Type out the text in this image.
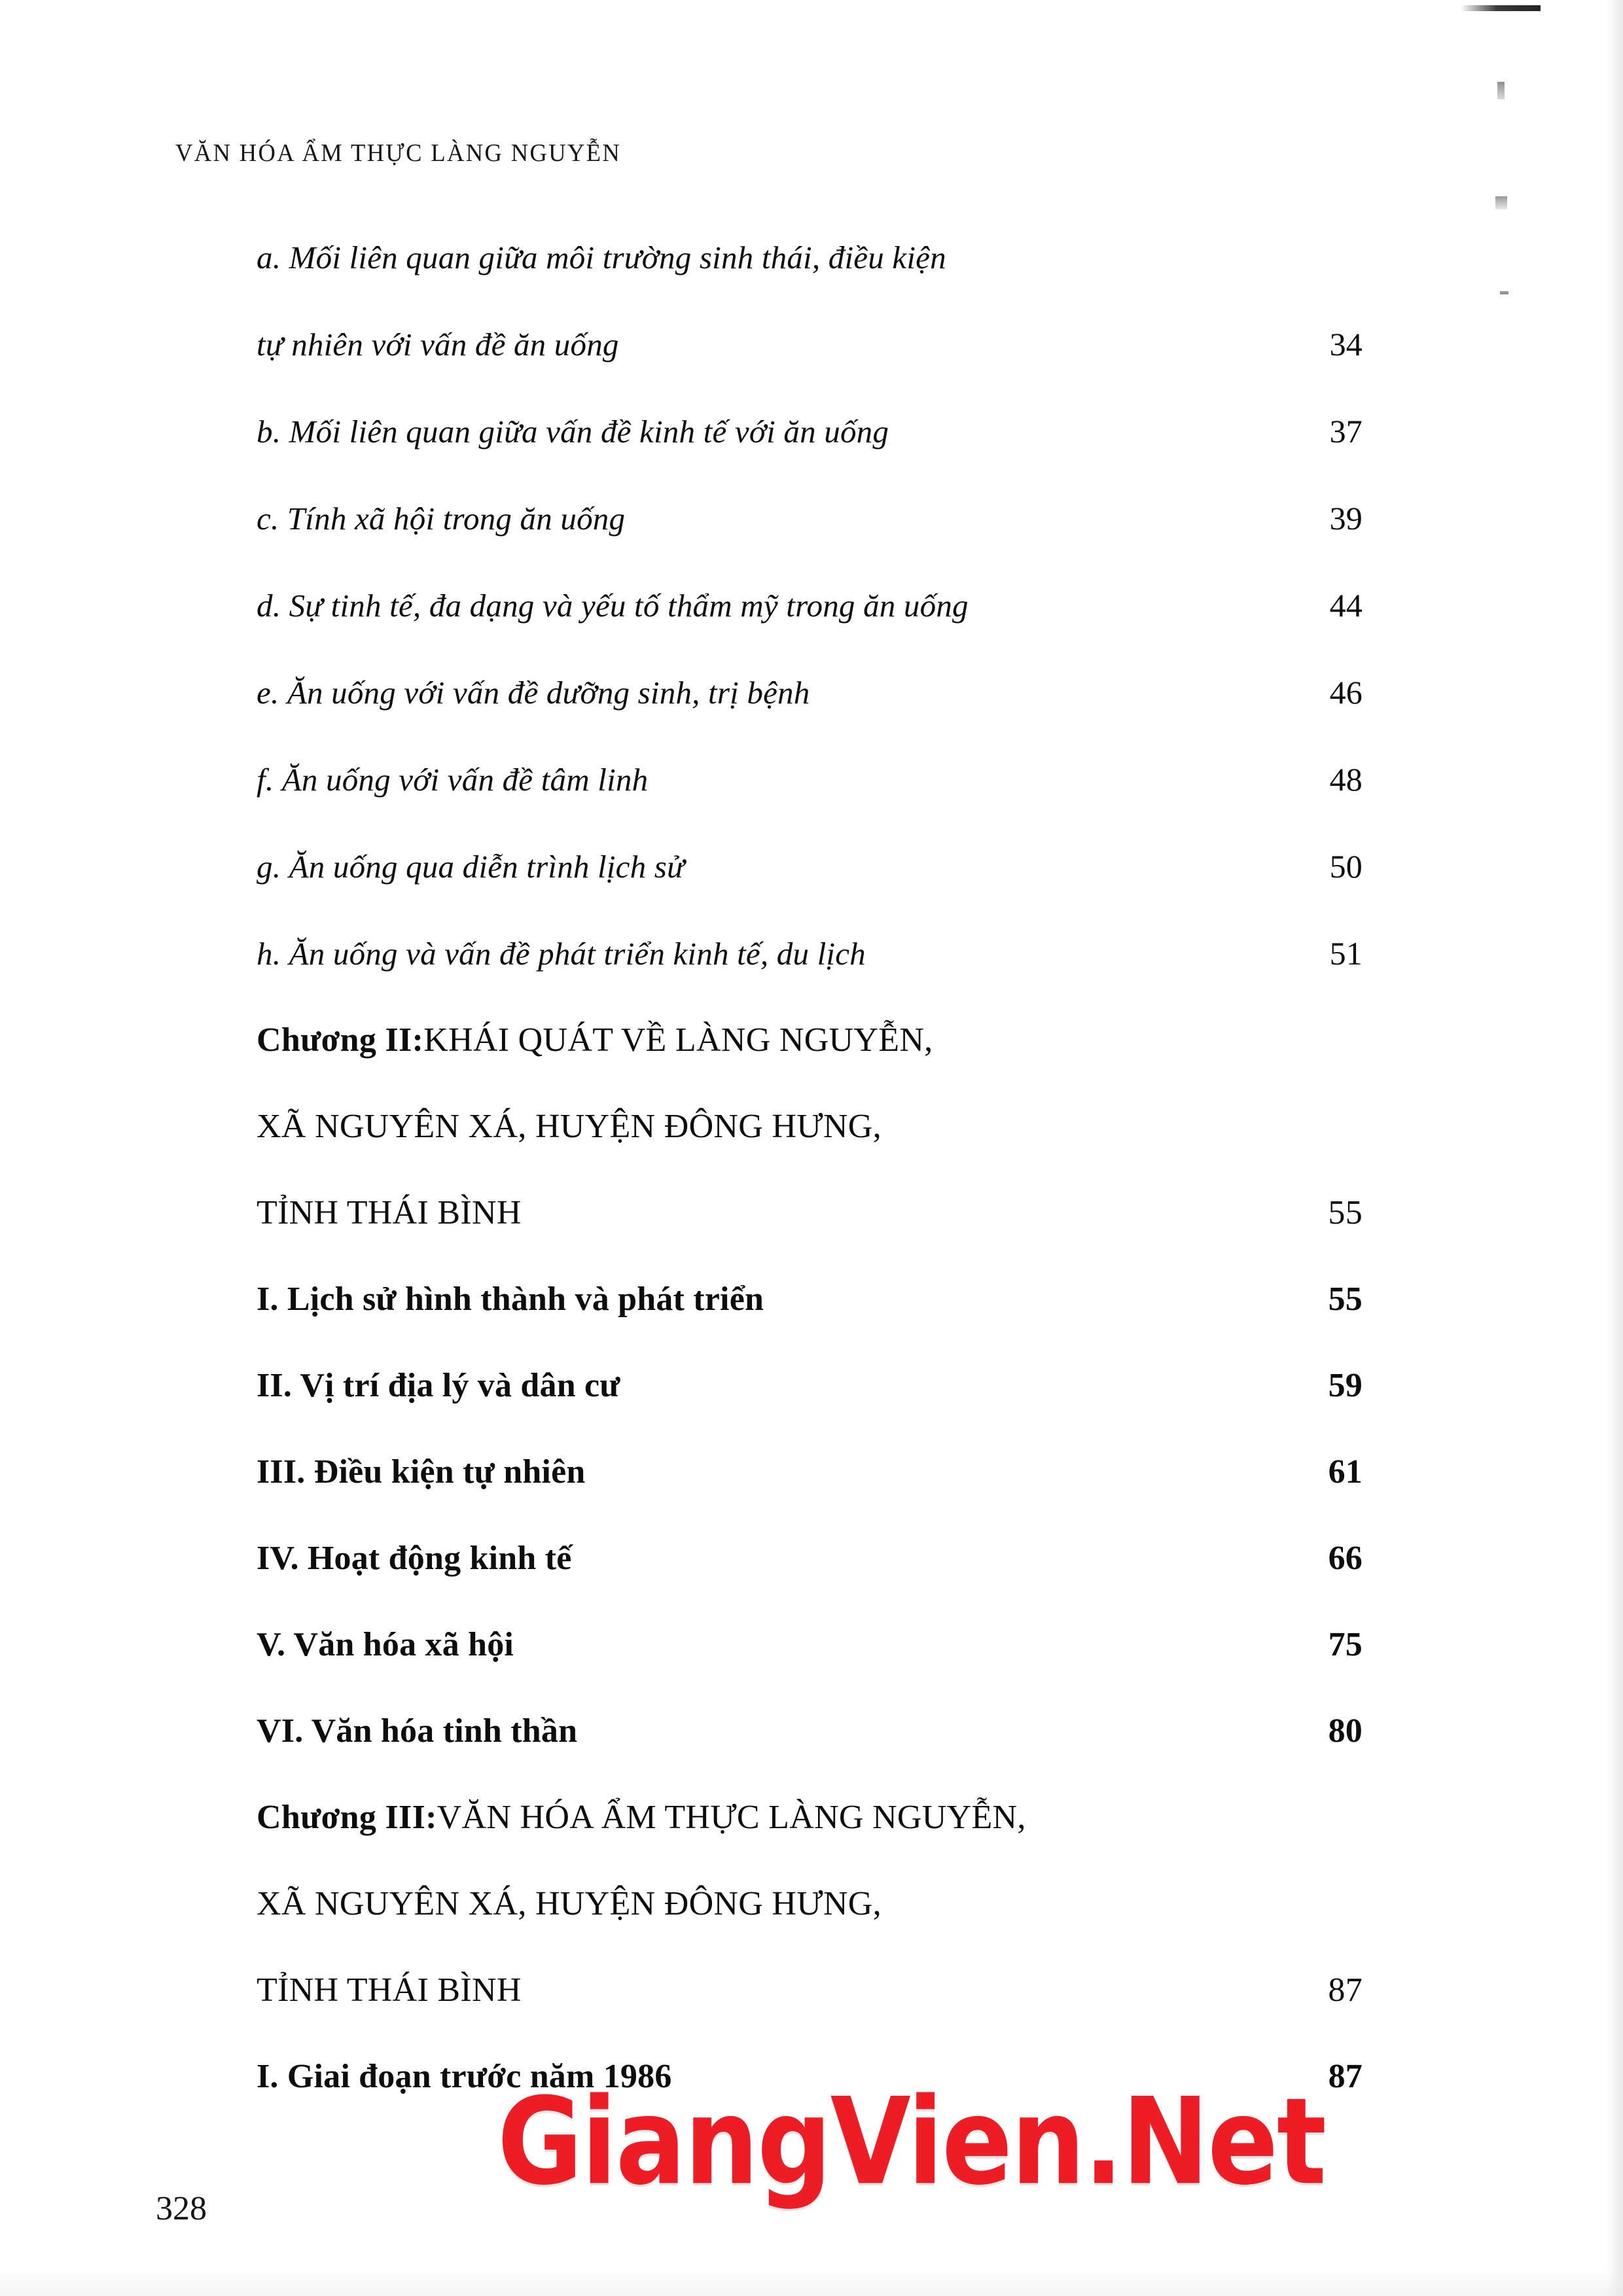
VĂN HÓA ẨM THỰC LÀNG NGUYỄN
a. Mối liên quan giữa môi trường sinh thái, điều kiện
tự nhiên với vấn đề ăn uống	34
b. Mối liên quan giữa vấn đề kinh tế với ăn uống	37
c. Tính xã hội trong ăn uống	39
d. Sự tinh tế, đa dạng và yếu tố thẩm mỹ trong ăn uống	44
e. Ăn uống với vấn đề dưỡng sinh, trị bệnh	46
f. Ăn uống với vấn đề tâm linh	48
g. Ăn uống qua diễn trình lịch sử	50
h. Ăn uống và vấn đề phát triển kinh tế, du lịch	51
Chương II: KHÁI QUÁT VỀ LÀNG NGUYỄN,
XÃ NGUYÊN XÁ, HUYỆN ĐÔNG HƯNG,
TỈNH THÁI BÌNH	55
I. Lịch sử hình thành và phát triển	55
II. Vị trí địa lý và dân cư	59
III. Điều kiện tự nhiên	61
IV. Hoạt động kinh tế	66
V. Văn hóa xã hội	75
VI. Văn hóa tinh thần	80
Chương III: VĂN HÓA ẨM THỰC LÀNG NGUYỄN,
XÃ NGUYÊN XÁ, HUYỆN ĐÔNG HƯNG,
TỈNH THÁI BÌNH	87
I. Giai đoạn trước năm 1986	87
GiangVien.Net
328
